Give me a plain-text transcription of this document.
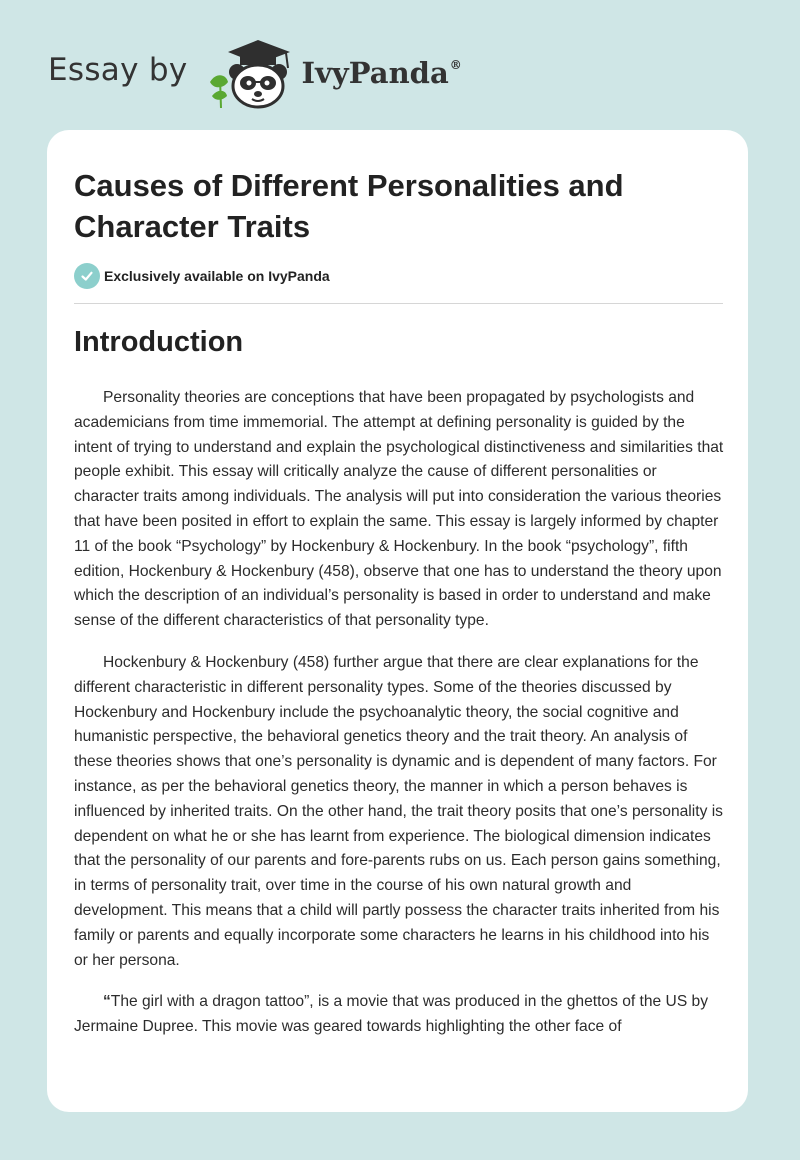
Essay by	IvyPanda®
Causes of Different Personalities and Character Traits
Exclusively available on IvyPanda
Introduction

Personality theories are conceptions that have been propagated by psychologists and academicians from time immemorial. The attempt at defining personality is guided by the intent of trying to understand and explain the psychological distinctiveness and similarities that people exhibit. This essay will critically analyze the cause of different personalities or character traits among individuals. The analysis will put into consideration the various theories that have been posited in effort to explain the same. This essay is largely informed by chapter 11 of the book “Psychology” by Hockenbury & Hockenbury. In the book “psychology”, fifth edition, Hockenbury & Hockenbury (458), observe that one has to understand the theory upon which the description of an individual’s personality is based in order to understand and make sense of the different characteristics of that personality type.

Hockenbury & Hockenbury (458) further argue that there are clear explanations for the different characteristic in different personality types. Some of the theories discussed by Hockenbury and Hockenbury include the psychoanalytic theory, the social cognitive and humanistic perspective, the behavioral genetics theory and the trait theory. An analysis of these theories shows that one’s personality is dynamic and is dependent of many factors. For instance, as per the behavioral genetics theory, the manner in which a person behaves is influenced by inherited traits. On the other hand, the trait theory posits that one’s personality is dependent on what he or she has learnt from experience. The biological dimension indicates that the personality of our parents and fore-parents rubs on us. Each person gains something, in terms of personality trait, over time in the course of his own natural growth and development. This means that a child will partly possess the character traits inherited from his family or parents and equally incorporate some characters he learns in his childhood into his or her persona.

“The girl with a dragon tattoo”, is a movie that was produced in the ghettos of the US by Jermaine Dupree. This movie was geared towards highlighting the other face of
